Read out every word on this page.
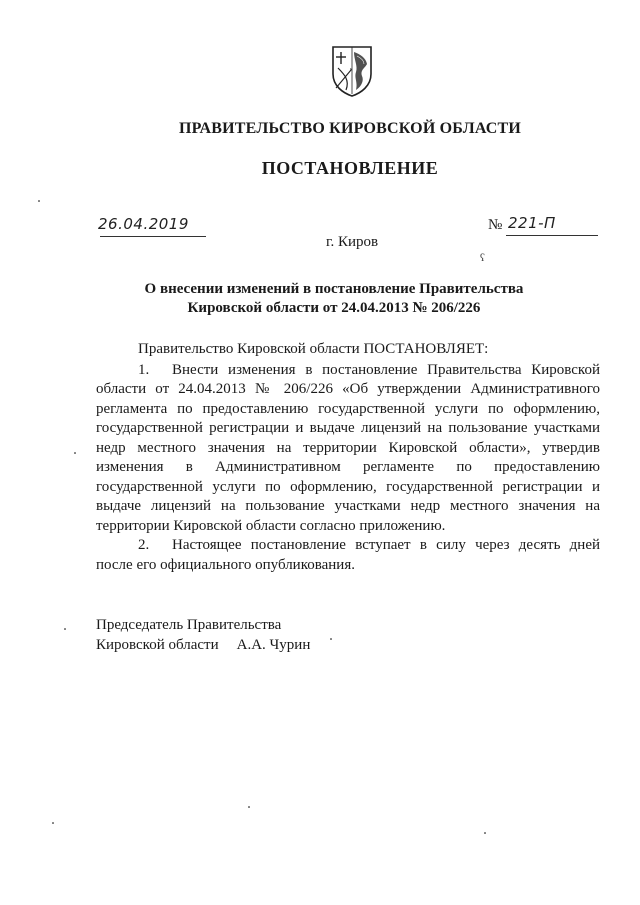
ПРАВИТЕЛЬСТВО КИРОВСКОЙ ОБЛАСТИ
ПОСТАНОВЛЕНИЕ
26.04.2019	№ 221-П
г. Киров
ʕ
О внесении изменений в постановление Правительства
Кировской области от 24.04.2013 № 206/226
Правительство Кировской области ПОСТАНОВЛЯЕТ:

1. Внести изменения в постановление Правительства Кировской области от 24.04.2013 № 206/226 «Об утверждении Административного регламента по предоставлению государственной услуги по оформлению, государственной регистрации и выдаче лицензий на пользование участками недр местного значения на территории Кировской области», утвердив изменения в Административном регламенте по предоставлению государственной услуги по оформлению, государственной регистрации и выдаче лицензий на пользование участками недр местного значения на территории Кировской области согласно приложению.

2. Настоящее постановление вступает в силу через десять дней после его официального опубликования.

Председатель Правительства
Кировской области А.А. Чурин
